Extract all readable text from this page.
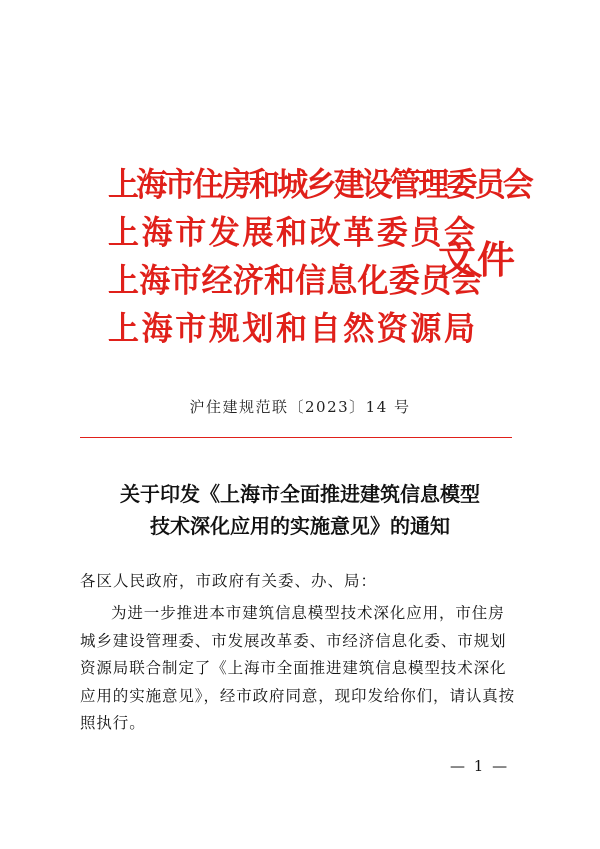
上海市住房和城乡建设管理委员会
上海市发展和改革委员会
上海市经济和信息化委员会
上海市规划和自然资源局
文件
沪住建规范联〔2023〕14 号
关于印发《上海市全面推进建筑信息模型
技术深化应用的实施意见》的通知
各区人民政府，市政府有关委、办、局：
为进一步推进本市建筑信息模型技术深化应用，市住房
城乡建设管理委、市发展改革委、市经济信息化委、市规划
资源局联合制定了《上海市全面推进建筑信息模型技术深化
应用的实施意见》，经市政府同意，现印发给你们，请认真按
照执行。
— 1 —
